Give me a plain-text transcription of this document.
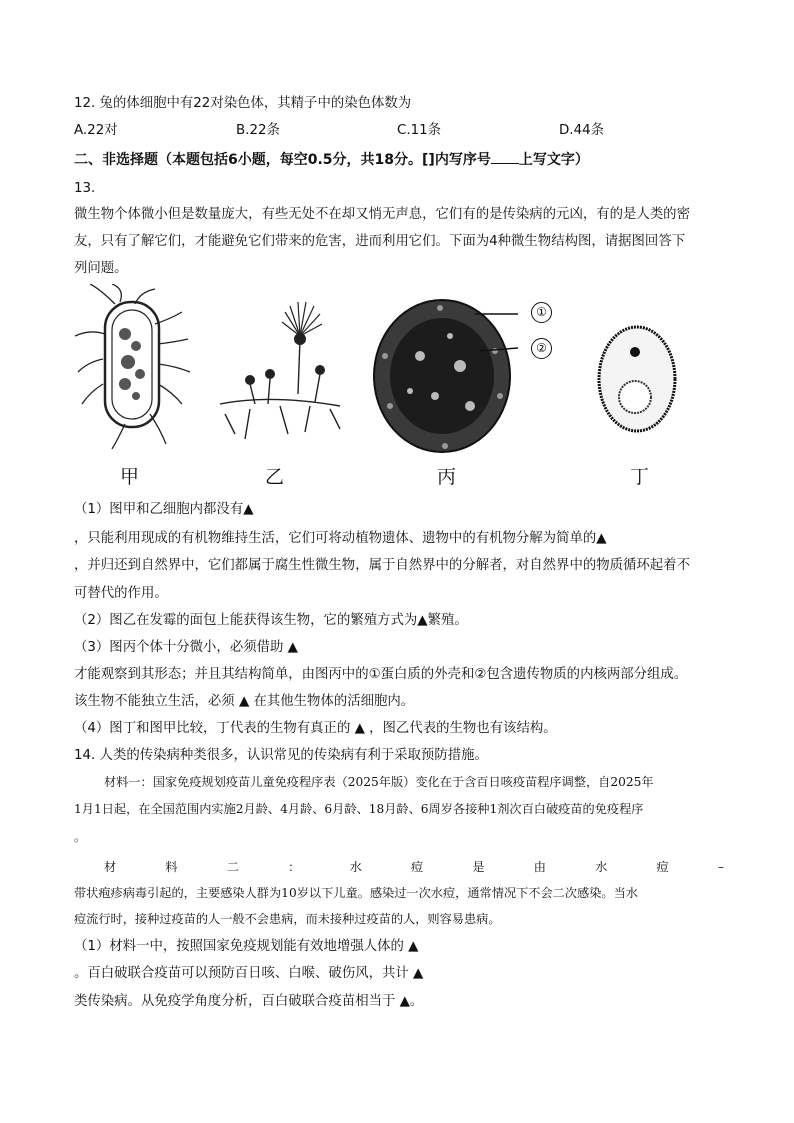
12. 兔的体细胞中有22对染色体，其精子中的染色体数为
A.22对	B.22条	C.11条	D.44条
二、非选择题（本题包括6小题，每空0.5分，共18分。[]内写序号 上写文字）
13.
微生物个体微小但是数量庞大，有些无处不在却又悄无声息，它们有的是传染病的元凶，有的是人类的密
友，只有了解它们，才能避免它们带来的危害，进而利用它们。下面为4种微生物结构图，请据图回答下
列问题。
①
②
甲	乙	丙	丁
（1）图甲和乙细胞内都没有▲
，只能利用现成的有机物维持生活，它们可将动植物遗体、遗物中的有机物分解为简单的▲
，并归还到自然界中，它们都属于腐生性微生物，属于自然界中的分解者，对自然界中的物质循环起着不
可替代的作用。
（2）图乙在发霉的面包上能获得该生物，它的繁殖方式为▲繁殖。
（3）图丙个体十分微小，必须借助 ▲
才能观察到其形态；并且其结构简单，由图丙中的①蛋白质的外壳和②包含遗传物质的内核两部分组成。
该生物不能独立生活，必须 ▲ 在其他生物体的活细胞内。
（4）图丁和图甲比较，丁代表的生物有真正的 ▲ ，图乙代表的生物也有该结构。
14. 人类的传染病种类很多，认识常见的传染病有利于采取预防措施。
材料一：国家免疫规划疫苗儿童免疫程序表（2025年版）变化在于含百日咳疫苗程序调整，自2025年
1月1日起，在全国范围内实施2月龄、4月龄、6月龄、18月龄、6周岁各接种1剂次百白破疫苗的免疫程序
。
材	料	二	：	水	痘	是	由	水	痘	–
带状疱疹病毒引起的，主要感染人群为10岁以下儿童。感染过一次水痘，通常情况下不会二次感染。当水
痘流行时，接种过疫苗的人一般不会患病，而未接种过疫苗的人，则容易患病。
（1）材料一中，按照国家免疫规划能有效地增强人体的 ▲
。百白破联合疫苗可以预防百日咳、白喉、破伤风，共计 ▲
类传染病。从免疫学角度分析，百白破联合疫苗相当于 ▲。
